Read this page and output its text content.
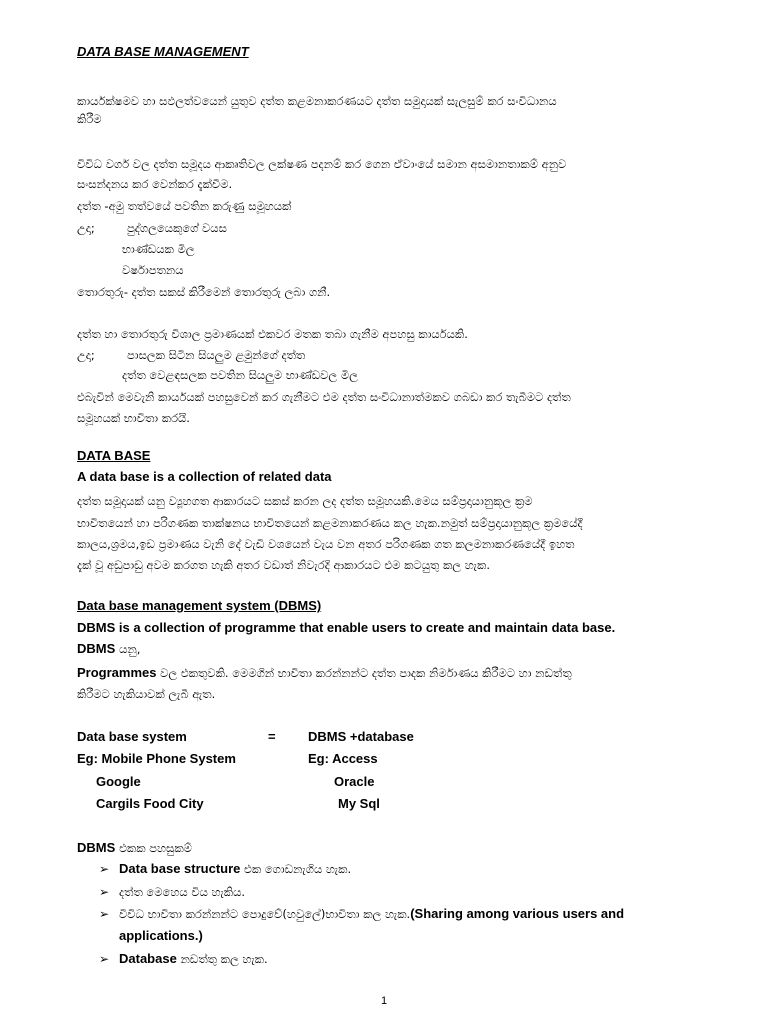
DATA BASE MANAGEMENT
කාර්යක්ෂමව හා සඵලත්වයෙන් යුතුව දත්ත කළමනාකරණයට දත්ත සමුදායක් සැලසුම් කර සංවිධානය
කිරීම
විවිධ වර්ග වල දත්ත සමූදය ආකෘතිවල ලක්ෂණ පදනම් කර ගෙන ඒවාංයේ සමාන අසමානතාකම් අනුව
සංසන්දනය කර වෙන්කර දැක්වීම.
දත්ත -අමු තත්වයේ පවතින කරුණු සමූහයක්
උදා;	පුද්ගලයෙකුගේ වයස
භාණ්ඩයක මිල
වර්ෂාපතනය
තොරතුරු- දත්ත සකස් කිරීමෙන් තොරතුරු ලබා ගනී.
දත්ත හා තොරතුරු විශාල ප්‍රමාණයක් එකවර මතක තබා ගැනීම අපහසු කාර්යයකි.
උදා;	පාසලක සිටින සියලුම ළමුන්ගේ දත්ත
දත්ත වෙළඳසලක පවතින සියලුම භාණ්ඩවල මිල
එබැවින් මෙවැනි කාර්යයක් පහසුවෙන් කර ගැනීමට එම දත්ත සංවිධානාත්මකව ගබඩා කර තැබීමට දත්ත
සමූහයක් භාවිතා කරයි.
DATA BASE
A data base is a collection of related data
දත්ත සමූදායක් යනු ව්‍යූහගත ආකාරයට සකස් කරන ලද දත්ත සමූහයකි.මෙය සම්ප්‍රදායානුකූල ක්‍රම
භාවිතයෙන් හා පරිගණක තාක්ෂනය භාවිතයෙන් කළමනාකරණය කල හැක.නමුත් සම්ප්‍රදායානුකූල ක්‍රමයේදී
කාලය,ශ්‍රමය,ඉඩ ප්‍රමාණය වැනි දේ වැඩි වශයෙන් වැය වන අතර පරිගණක ගත කලමනාකරණයේදී ඉහත
දැක් වූ අඩුපාඩු අවම කරගත හැකි අතර වඩාත් නිවැරදි ආකාරයට එම කටයුතු කල හැක.
Data base management system (DBMS)
DBMS is a collection of programme that enable users to create and maintain data base.
DBMS යනු,
Programmes වල එකතුවකි. මෙමගින් භාවිතා කරන්නන්ට දත්ත පාදක නිර්මාණය කිරීමට හා නඩත්තු
කිරීමට හැකියාවක් ලැබී ඇත.
Data base system	= DBMS +database
Eg: Mobile Phone System	Eg: Access
Google	Oracle
Cargils Food City	My Sql
DBMS එකක පහසුකම්
➢ Data base structure එක ගොඩනැගිය හැක.
➢ දත්ත මෙහෙය විය හැකිය.
➢ විවිධ භාවිතා කරන්නන්ට පොදුවේ(හවුලේ)භාවිතා කල හැක.(Sharing among various users and
applications.)
➢ Database නඩත්තු කල හැක.
1
